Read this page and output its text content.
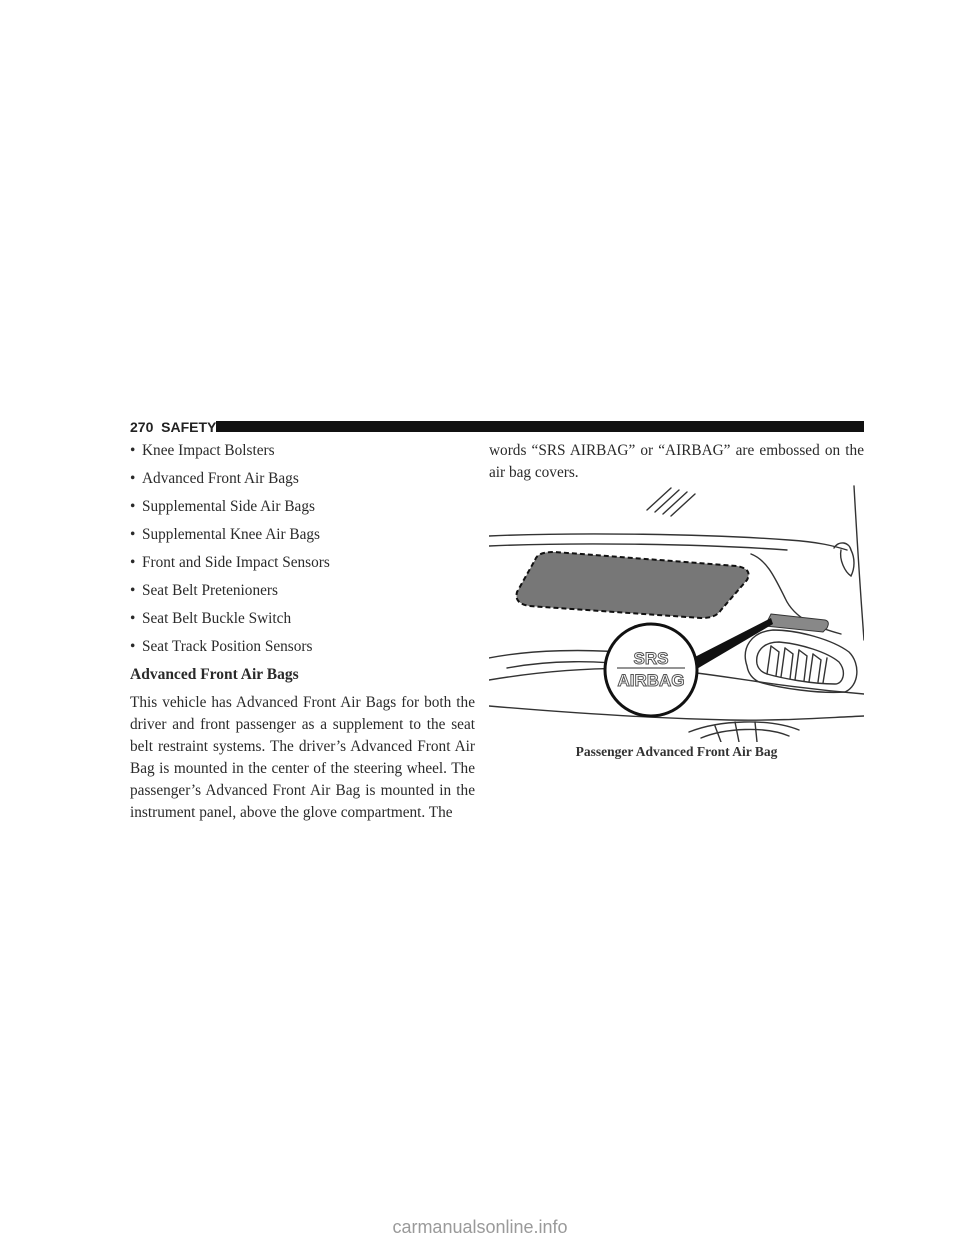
270 SAFETY
• Knee Impact Bolsters
• Advanced Front Air Bags
• Supplemental Side Air Bags
• Supplemental Knee Air Bags
• Front and Side Impact Sensors
• Seat Belt Pretenioners
• Seat Belt Buckle Switch
• Seat Track Position Sensors
Advanced Front Air Bags

This vehicle has Advanced Front Air Bags for both the driver and front passenger as a supplement to the seat belt restraint systems. The driver’s Advanced Front Air Bag is mounted in the center of the steering wheel. The passenger’s Advanced Front Air Bag is mounted in the instrument panel, above the glove compartment. The

words “SRS AIRBAG” or “AIRBAG” are embossed on the air bag covers.

SRS
AIRBAG
Passenger Advanced Front Air Bag
carmanualsonline.info
